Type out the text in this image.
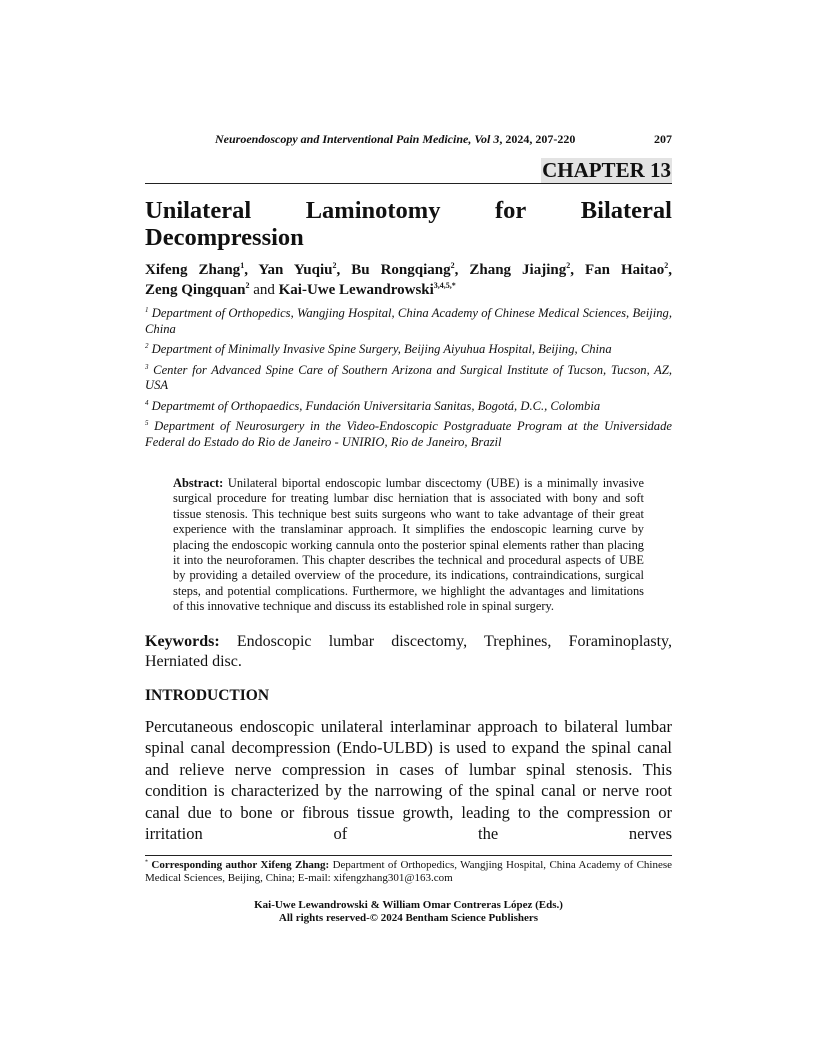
Neuroendoscopy and Interventional Pain Medicine, Vol 3, 2024, 207-220	207
CHAPTER 13
Unilateral Laminotomy for Bilateral
Decompression
Xifeng Zhang$^1$, Yan Yuqiu$^2$, Bu Rongqiang$^2$, Zhang Jiajing$^2$, Fan Haitao$^2$,
Zeng Qingquan$^2$ and Kai-Uwe Lewandrowski$^{3,4,5,*}$
$^1$ Department of Orthopedics, Wangjing Hospital, China Academy of Chinese Medical Sciences, Beijing, China
$^2$ Department of Minimally Invasive Spine Surgery, Beijing Aiyuhua Hospital, Beijing, China
$^3$ Center for Advanced Spine Care of Southern Arizona and Surgical Institute of Tucson, Tucson, AZ, USA
$^4$ Departmemt of Orthopaedics, Fundación Universitaria Sanitas, Bogotá, D.C., Colombia
$^5$ Department of Neurosurgery in the Video-Endoscopic Postgraduate Program at the Universidade Federal do Estado do Rio de Janeiro - UNIRIO, Rio de Janeiro, Brazil
Abstract: Unilateral biportal endoscopic lumbar discectomy (UBE) is a minimally invasive surgical procedure for treating lumbar disc herniation that is associated with bony and soft tissue stenosis. This technique best suits surgeons who want to take advantage of their great experience with the translaminar approach. It simplifies the endoscopic learning curve by placing the endoscopic working cannula onto the posterior spinal elements rather than placing it into the neuroforamen. This chapter describes the technical and procedural aspects of UBE by providing a detailed overview of the procedure, its indications, contraindications, surgical steps, and potential complications. Furthermore, we highlight the advantages and limitations of this innovative technique and discuss its established role in spinal surgery.
Keywords: Endoscopic lumbar discectomy, Trephines, Foraminoplasty, Herniated disc.
INTRODUCTION
Percutaneous endoscopic unilateral interlaminar approach to bilateral lumbar spinal canal decompression (Endo-ULBD) is used to expand the spinal canal and relieve nerve compression in cases of lumbar spinal stenosis. This condition is characterized by the narrowing of the spinal canal or nerve root canal due to bone or fibrous tissue growth, leading to the compression or irritation of the nerves
* Corresponding author Xifeng Zhang: Department of Orthopedics, Wangjing Hospital, China Academy of Chinese Medical Sciences, Beijing, China; E-mail: xifengzhang301@163.com
Kai-Uwe Lewandrowski & William Omar Contreras López (Eds.)
All rights reserved-© 2024 Bentham Science Publishers
